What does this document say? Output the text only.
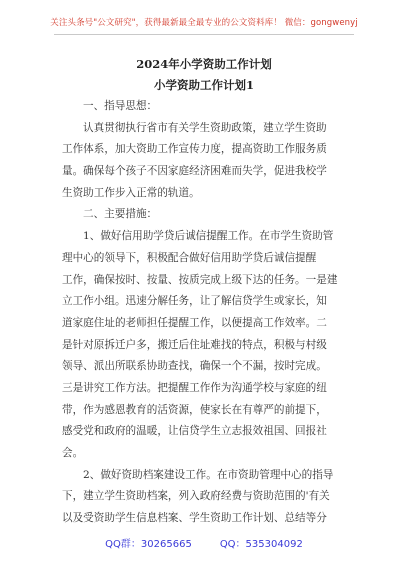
关注头条号"公文研究"，获得最新最全最专业的公文资料库！ 微信：gongwenyj
2024年小学资助工作计划
小学资助工作计划1
一、指导思想：
认真贯彻执行省市有关学生资助政策，建立学生资助
工作体系，加大资助工作宣传力度，提高资助工作服务质
量。确保每个孩子不因家庭经济困难而失学，促进我校学
生资助工作步入正常的轨道。
二、主要措施：
1、做好信用助学贷后诚信提醒工作。在市学生资助管
理中心的领导下，积极配合做好信用助学贷后诚信提醒
工作，确保按时、按量、按质完成上级下达的任务。一是建
立工作小组。迅速分解任务，让了解信贷学生或家长，知
道家庭住址的老师担任提醒工作，以便提高工作效率。二
是针对原拆迁户多，搬迁后住址难找的特点，积极与村级
领导、派出所联系协助查找，确保一个不漏，按时完成。
三是讲究工作方法。把提醒工作作为沟通学校与家庭的纽
带，作为感恩教育的活资源，使家长在有尊严的前提下，
感受党和政府的温暖，让信贷学生立志报效祖国、回报社
会。
2、做好资助档案建设工作。在市资助管理中心的指导
下，建立学生资助档案，列入政府经费与资助范围的'有关
以及受资助学生信息档案、学生资助工作计划、总结等分
QQ群：30265665	QQ：535304092
